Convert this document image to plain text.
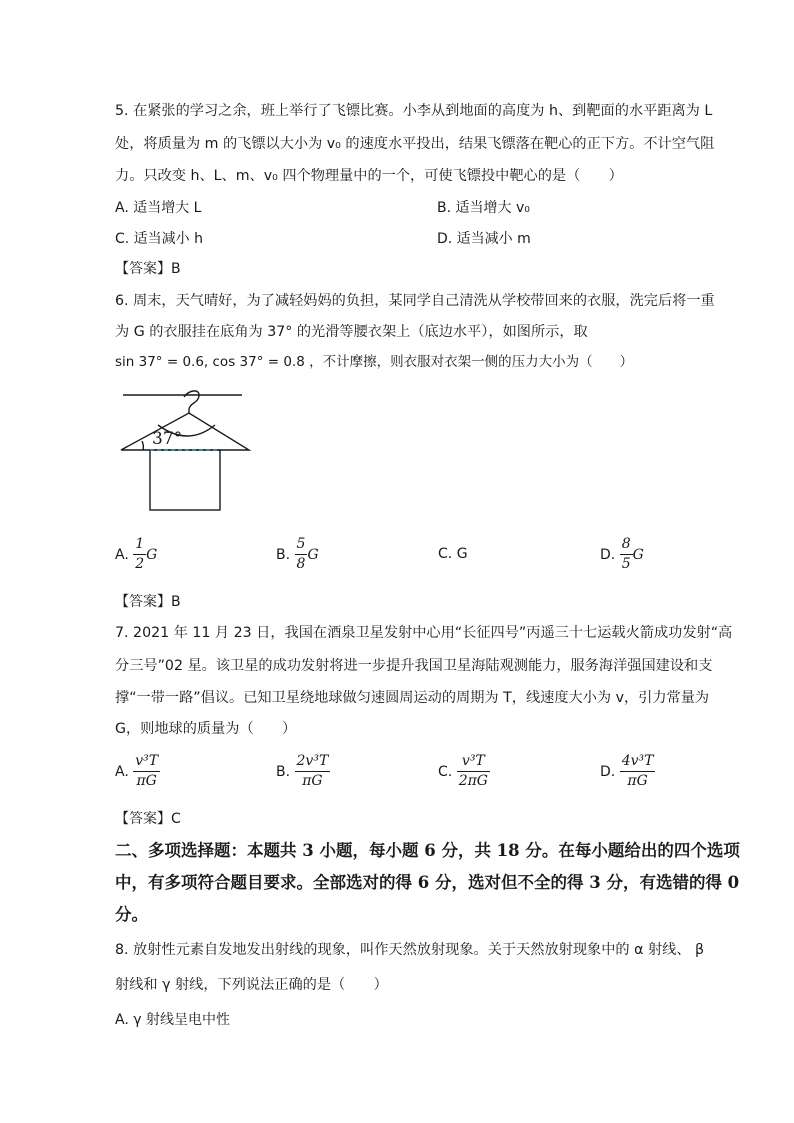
5. 在紧张的学习之余，班上举行了飞镖比赛。小李从到地面的高度为 h、到靶面的水平距离为 L
处，将质量为 m 的飞镖以大小为 v₀ 的速度水平投出，结果飞镖落在靶心的正下方。不计空气阻
力。只改变 h、L、m、v₀ 四个物理量中的一个，可使飞镖投中靶心的是（　　）
A. 适当增大 L	B. 适当增大 v₀
C. 适当减小 h	D. 适当减小 m
【答案】B
6. 周末，天气晴好，为了减轻妈妈的负担，某同学自己清洗从学校带回来的衣服，洗完后将一重
为 G 的衣服挂在底角为 37° 的光滑等腰衣架上（底边水平），如图所示，取
sin 37° = 0.6, cos 37° = 0.8 ，不计摩擦，则衣服对衣架一侧的压力大小为（　　）
37°
A. $\frac{1}{2}$ G	B. $\frac{5}{8}$ G	C. G	D. $\frac{8}{5}$ G
【答案】B
7. 2021 年 11 月 23 日，我国在酒泉卫星发射中心用“长征四号”丙遥三十七运载火箭成功发射“高
分三号”02 星。该卫星的成功发射将进一步提升我国卫星海陆观测能力，服务海洋强国建设和支
撑“一带一路”倡议。已知卫星绕地球做匀速圆周运动的周期为 T，线速度大小为 v，引力常量为
G，则地球的质量为（　　）
A. $\frac{\text{v³T}}{\pi G}$	B. $\frac{\text{2v³T}}{\pi G}$	C. $\frac{\text{v³T}}{2\pi G}$	D. $\frac{\text{4v³T}}{\pi G}$
【答案】C
二、多项选择题：本题共 3 小题，每小题 6 分，共 18 分。在每小题给出的四个选项
中，有多项符合题目要求。全部选对的得 6 分，选对但不全的得 3 分，有选错的得 0
分。
8. 放射性元素自发地发出射线的现象，叫作天然放射现象。关于天然放射现象中的 α 射线、 β
射线和 γ 射线，下列说法正确的是（　　）
A. γ 射线呈电中性
